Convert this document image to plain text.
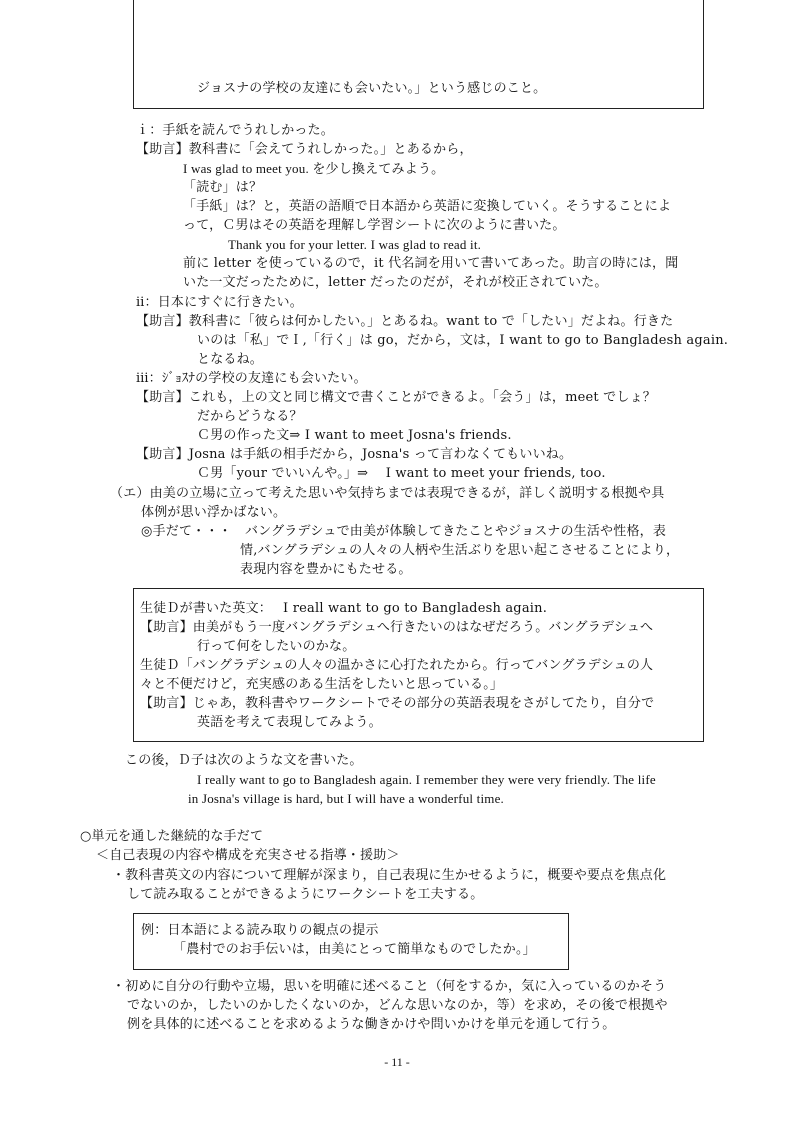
ジョスナの学校の友達にも会いたい。」という感じのこと。
ｉ：手紙を読んでうれしかった。
【助言】教科書に「会えてうれしかった。」とあるから，
I was glad to meet you. を少し換えてみよう。
「読む」は？
「手紙」は？と，英語の語順で日本語から英語に変換していく。そうすることによ
って，Ｃ男はその英語を理解し学習シートに次のように書いた。
Thank you for your letter. I was glad to read it.
前に letter を使っているので，it 代名詞を用いて書いてあった。助言の時には，聞
いた一文だったために，letter だったのだが，それが校正されていた。
ⅱ：日本にすぐに行きたい。
【助言】教科書に「彼らは何かしたい。」とあるね。want to で「したい」だよね。行きた
いのは「私」でＩ,「行く」は go，だから，文は，I want to go to Bangladesh again.
となるね。
ⅲ：ｼﾞｮｽﾅの学校の友達にも会いたい。
【助言】これも，上の文と同じ構文で書くことができるよ。「会う」は，meet でしょ？
だからどうなる？
Ｃ男の作った文⇒ I want to meet Josna's friends.
【助言】Josna は手紙の相手だから，Josna's って言わなくてもいいね。
Ｃ男「your でいいんや。」⇒　 I want to meet your friends, too.
（エ）由美の立場に立って考えた思いや気持ちまでは表現できるが，詳しく説明する根拠や具
体例が思い浮かばない。
◎手だて・・・　バングラデシュで由美が体験してきたことやジョスナの生活や性格，表
情,バングラデシュの人々の人柄や生活ぶりを思い起こさせることにより，
表現内容を豊かにもたせる。
生徒Ｄが書いた英文：　 I reall want to go to Bangladesh again.
【助言】由美がもう一度バングラデシュへ行きたいのはなぜだろう。バングラデシュへ
行って何をしたいのかな。
生徒Ｄ「バングラデシュの人々の温かさに心打たれたから。行ってバングラデシュの人
々と不便だけど，充実感のある生活をしたいと思っている。」
【助言】じゃあ，教科書やワークシートでその部分の英語表現をさがしてたり，自分で
英語を考えて表現してみよう。
この後，Ｄ子は次のような文を書いた。
I really want to go to Bangladesh again. I remember they were very friendly. The life
in Josna's village is hard, but I will have a wonderful time.
○単元を通した継続的な手だて
＜自己表現の内容や構成を充実させる指導・援助＞
・教科書英文の内容について理解が深まり，自己表現に生かせるように，概要や要点を焦点化
して読み取ることができるようにワークシートを工夫する。
例：日本語による読み取りの観点の提示
「農村でのお手伝いは，由美にとって簡単なものでしたか。」
・初めに自分の行動や立場，思いを明確に述べること（何をするか，気に入っているのかそう
でないのか，したいのかしたくないのか，どんな思いなのか，等）を求め，その後で根拠や
例を具体的に述べることを求めるような働きかけや問いかけを単元を通して行う。
- 11 -
